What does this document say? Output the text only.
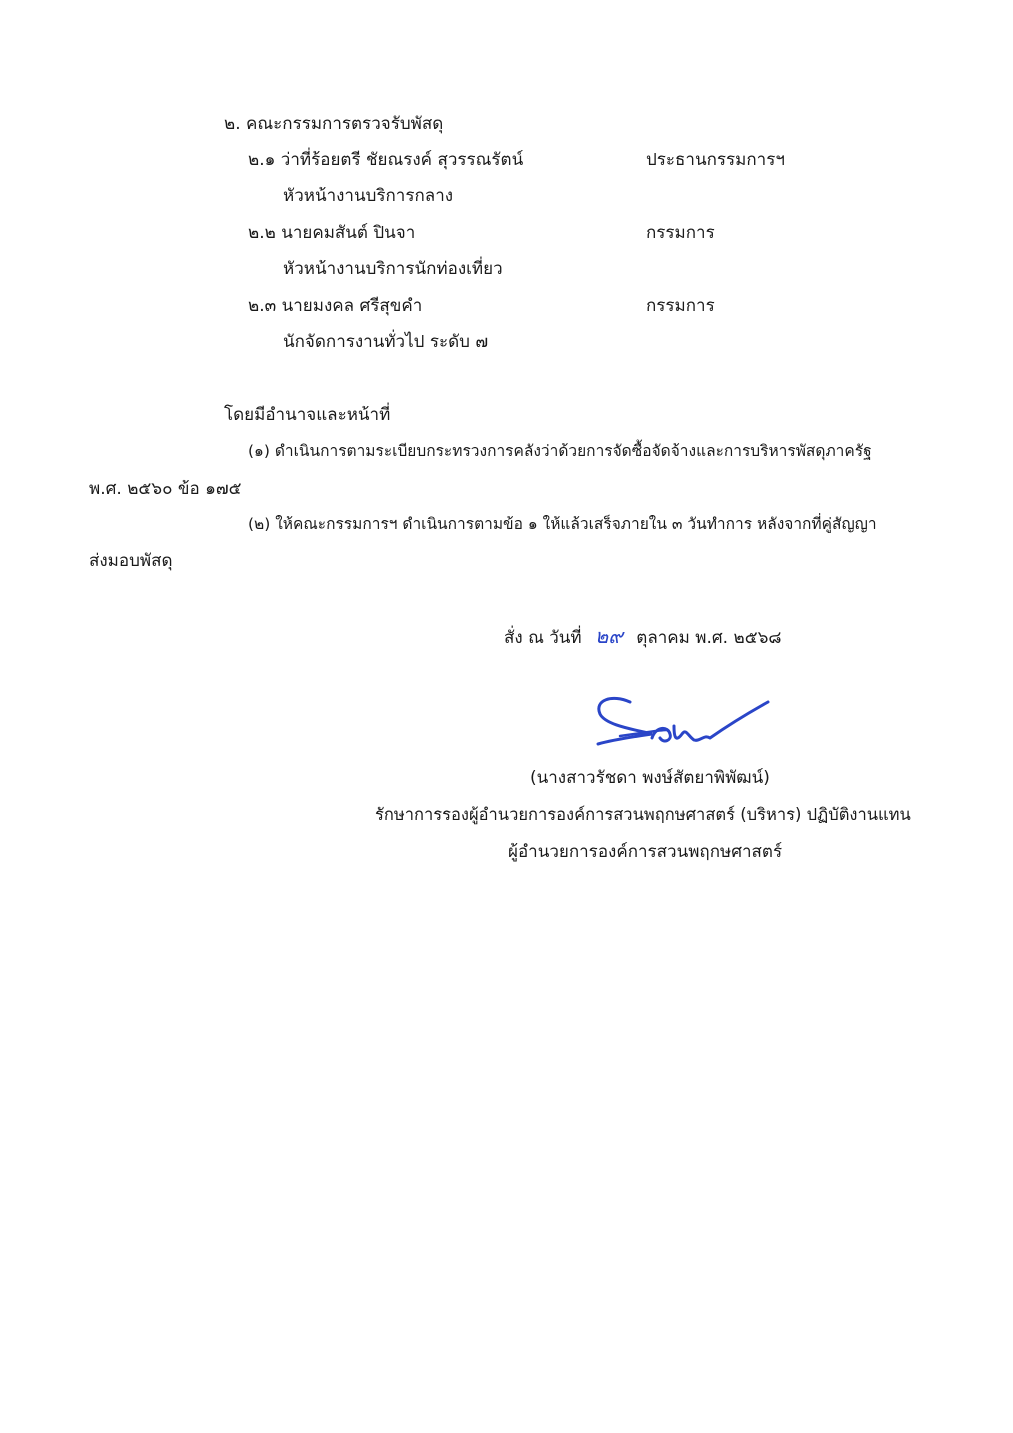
๒. คณะกรรมการตรวจรับพัสดุ
๒.๑ ว่าที่ร้อยตรี ชัยณรงค์ สุวรรณรัตน์	ประธานกรรมการฯ
หัวหน้างานบริการกลาง
๒.๒ นายคมสันต์ ปินจา	กรรมการ
หัวหน้างานบริการนักท่องเที่ยว
๒.๓ นายมงคล ศรีสุขคำ	กรรมการ
นักจัดการงานทั่วไป ระดับ ๗
โดยมีอำนาจและหน้าที่
(๑) ดำเนินการตามระเบียบกระทรวงการคลังว่าด้วยการจัดซื้อจัดจ้างและการบริหารพัสดุภาครัฐ
พ.ศ. ๒๕๖๐ ข้อ ๑๗๕
(๒) ให้คณะกรรมการฯ ดำเนินการตามข้อ ๑ ให้แล้วเสร็จภายใน ๓ วันทำการ หลังจากที่คู่สัญญา
ส่งมอบพัสดุ
สั่ง ณ วันที่ ๒๙ ตุลาคม พ.ศ. ๒๕๖๘
(นางสาวรัชดา พงษ์สัตยาพิพัฒน์)
รักษาการรองผู้อำนวยการองค์การสวนพฤกษศาสตร์ (บริหาร) ปฏิบัติงานแทน
ผู้อำนวยการองค์การสวนพฤกษศาสตร์
